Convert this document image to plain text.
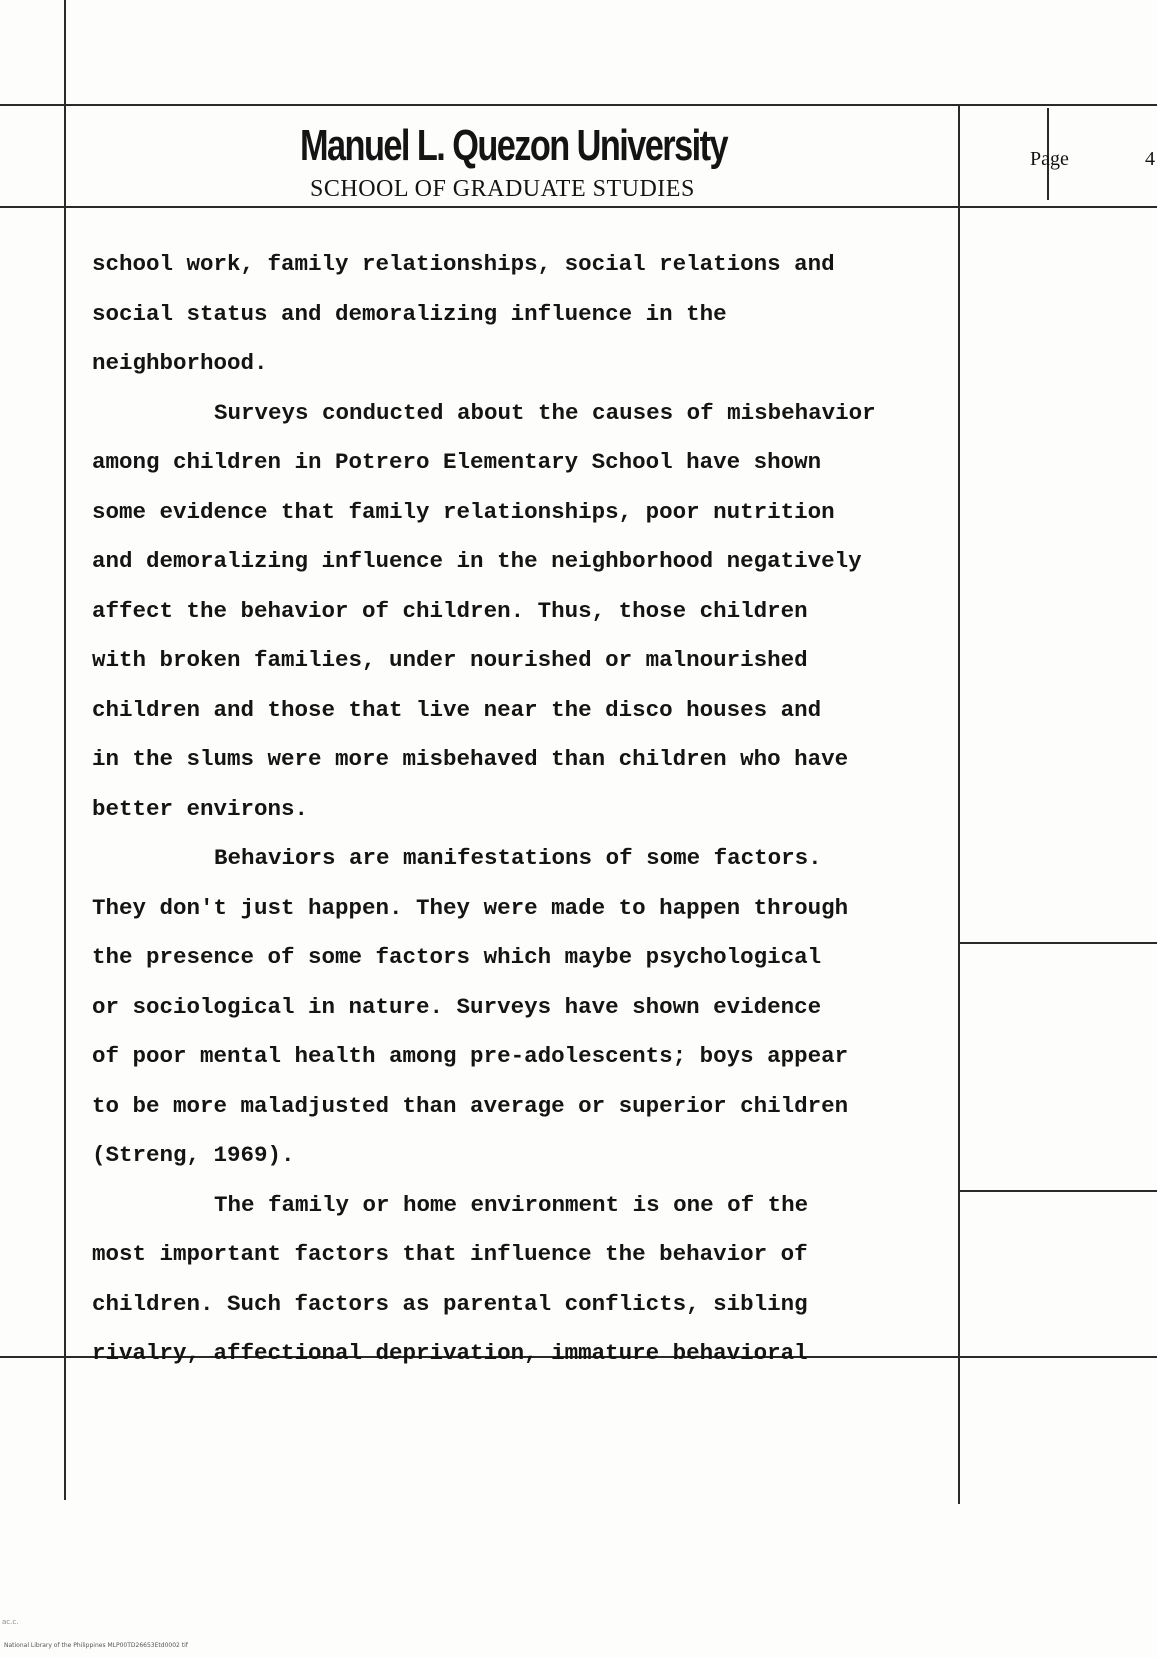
Manuel L. Quezon University
SCHOOL OF GRADUATE STUDIES
Page	4
school work, family relationships, social relations and
social status and demoralizing influence in the
neighborhood.
Surveys conducted about the causes of misbehavior
among children in Potrero Elementary School have shown
some evidence that family relationships, poor nutrition
and demoralizing influence in the neighborhood negatively
affect the behavior of children. Thus, those children
with broken families, under nourished or malnourished
children and those that live near the disco houses and
in the slums were more misbehaved than children who have
better environs.
Behaviors are manifestations of some factors.
They don't just happen. They were made to happen through
the presence of some factors which maybe psychological
or sociological in nature. Surveys have shown evidence
of poor mental health among pre-adolescents; boys appear
to be more maladjusted than average or superior children
(Streng, 1969).
The family or home environment is one of the
most important factors that influence the behavior of
children. Such factors as parental conflicts, sibling
rivalry, affectional deprivation, immature behavioral
ac.c.
National Library of the Philippines MLP00TD26653Etd0002 tif
